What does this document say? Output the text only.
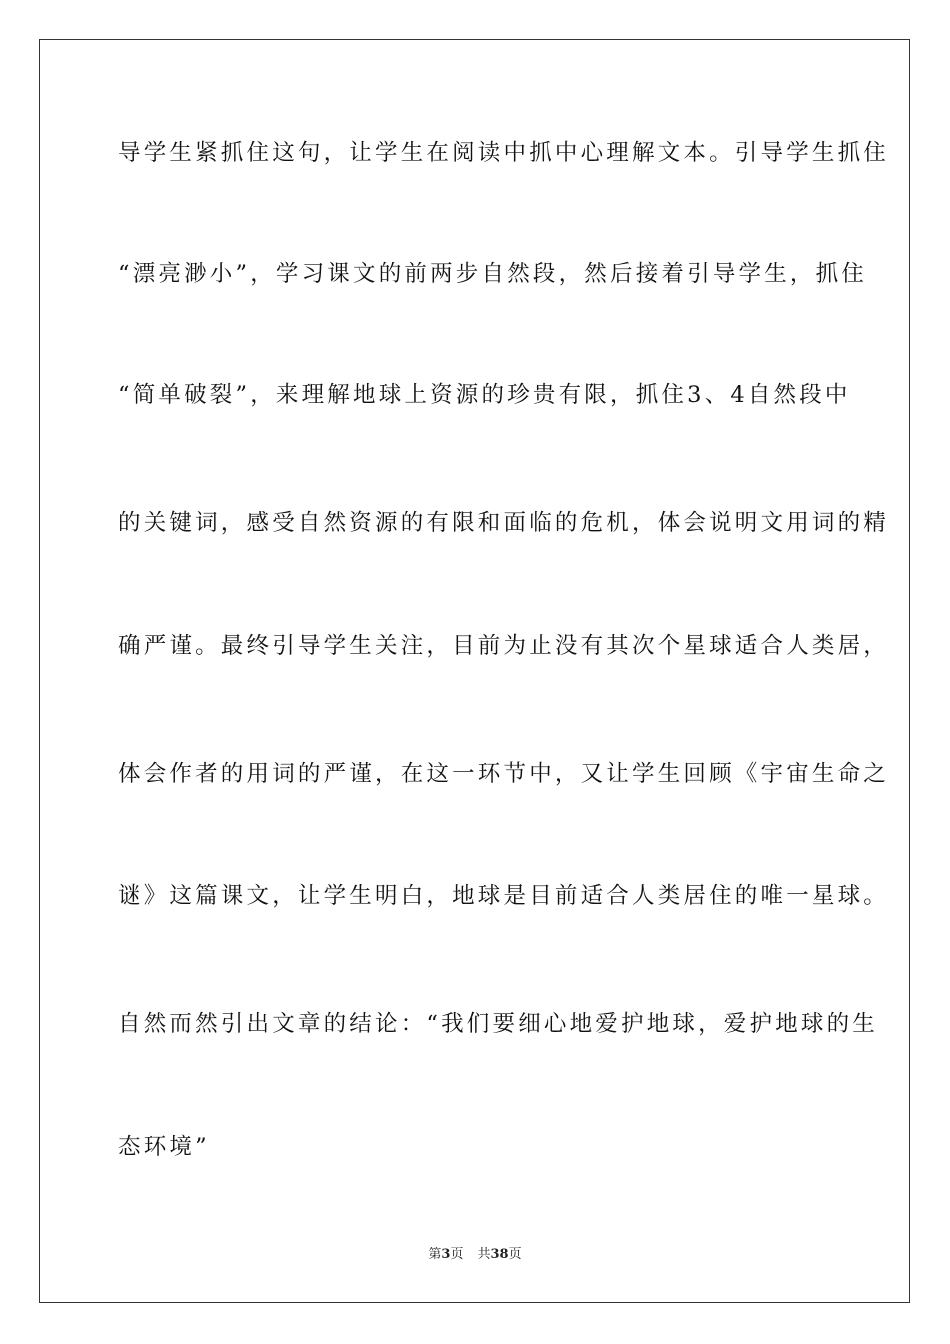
导学生紧抓住这句，让学生在阅读中抓中心理解文本。引导学生抓住
“漂亮渺小”，学习课文的前两步自然段，然后接着引导学生，抓住
“简单破裂”，来理解地球上资源的珍贵有限，抓住3、4自然段中
的关键词，感受自然资源的有限和面临的危机，体会说明文用词的精
确严谨。最终引导学生关注，目前为止没有其次个星球适合人类居，
体会作者的用词的严谨，在这一环节中，又让学生回顾《宇宙生命之
谜》这篇课文，让学生明白，地球是目前适合人类居住的唯一星球。
自然而然引出文章的结论：“我们要细心地爱护地球，爱护地球的生
态环境”
第3页 共38页
